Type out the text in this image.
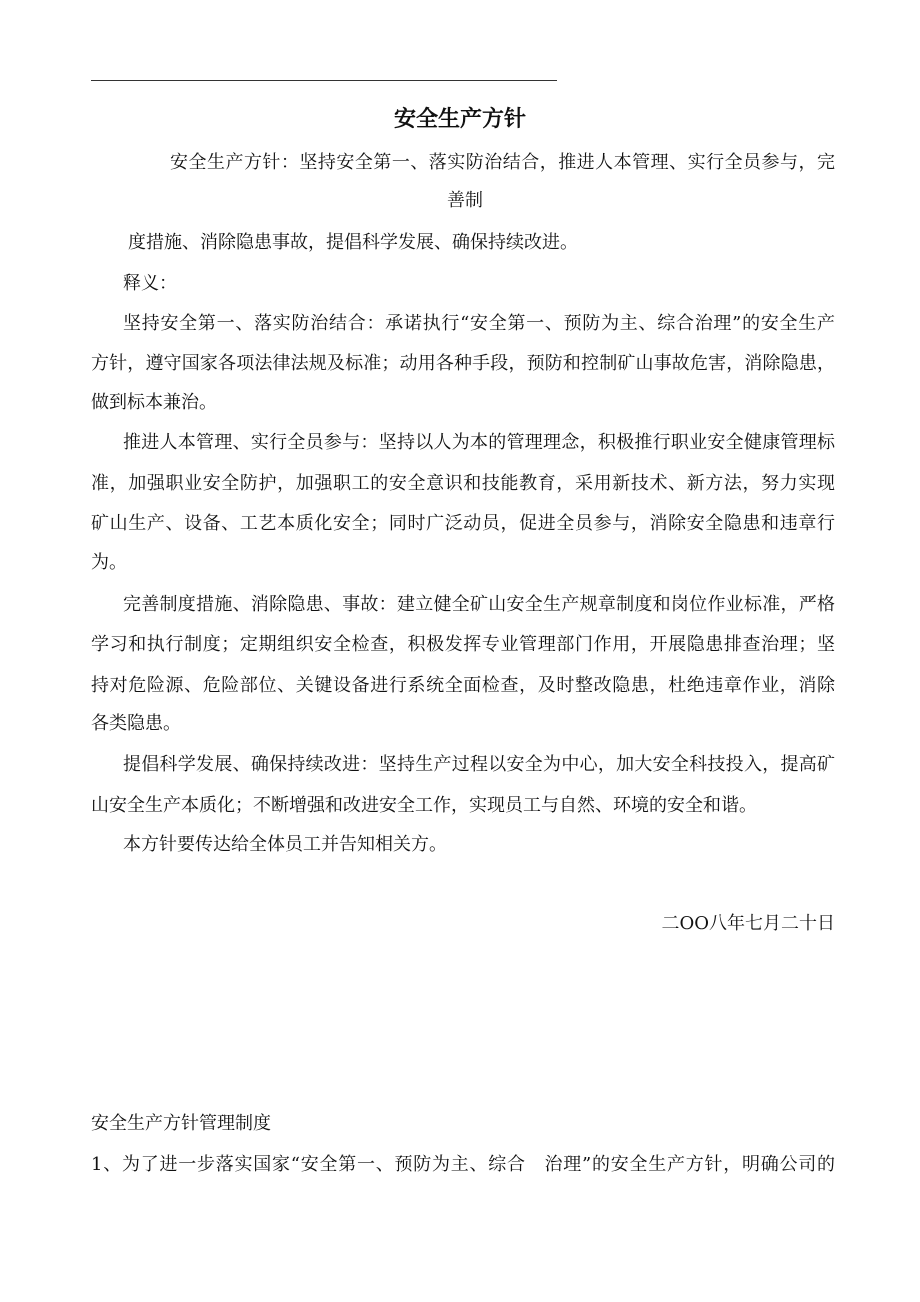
安全生产方针
安全生产方针：坚持安全第一、落实防治结合，推进人本管理、实行全员参与，完
善制
度措施、消除隐患事故，提倡科学发展、确保持续改进。
释义：
坚持安全第一、落实防治结合：承诺执行“安全第一、预防为主、综合治理”的安全生产
方针，遵守国家各项法律法规及标准；动用各种手段，预防和控制矿山事故危害，消除隐患，
做到标本兼治。
推进人本管理、实行全员参与：坚持以人为本的管理理念，积极推行职业安全健康管理标
准，加强职业安全防护，加强职工的安全意识和技能教育，采用新技术、新方法，努力实现
矿山生产、设备、工艺本质化安全；同时广泛动员，促进全员参与，消除安全隐患和违章行
为。
完善制度措施、消除隐患、事故：建立健全矿山安全生产规章制度和岗位作业标准，严格
学习和执行制度；定期组织安全检查，积极发挥专业管理部门作用，开展隐患排查治理；坚
持对危险源、危险部位、关键设备进行系统全面检查，及时整改隐患，杜绝违章作业，消除
各类隐患。
提倡科学发展、确保持续改进：坚持生产过程以安全为中心，加大安全科技投入，提高矿
山安全生产本质化；不断增强和改进安全工作，实现员工与自然、环境的安全和谐。
本方针要传达给全体员工并告知相关方。
二OO八年七月二十日
安全生产方针管理制度
1、为了进一步落实国家“安全第一、预防为主、综合　治理”的安全生产方针，明确公司的
